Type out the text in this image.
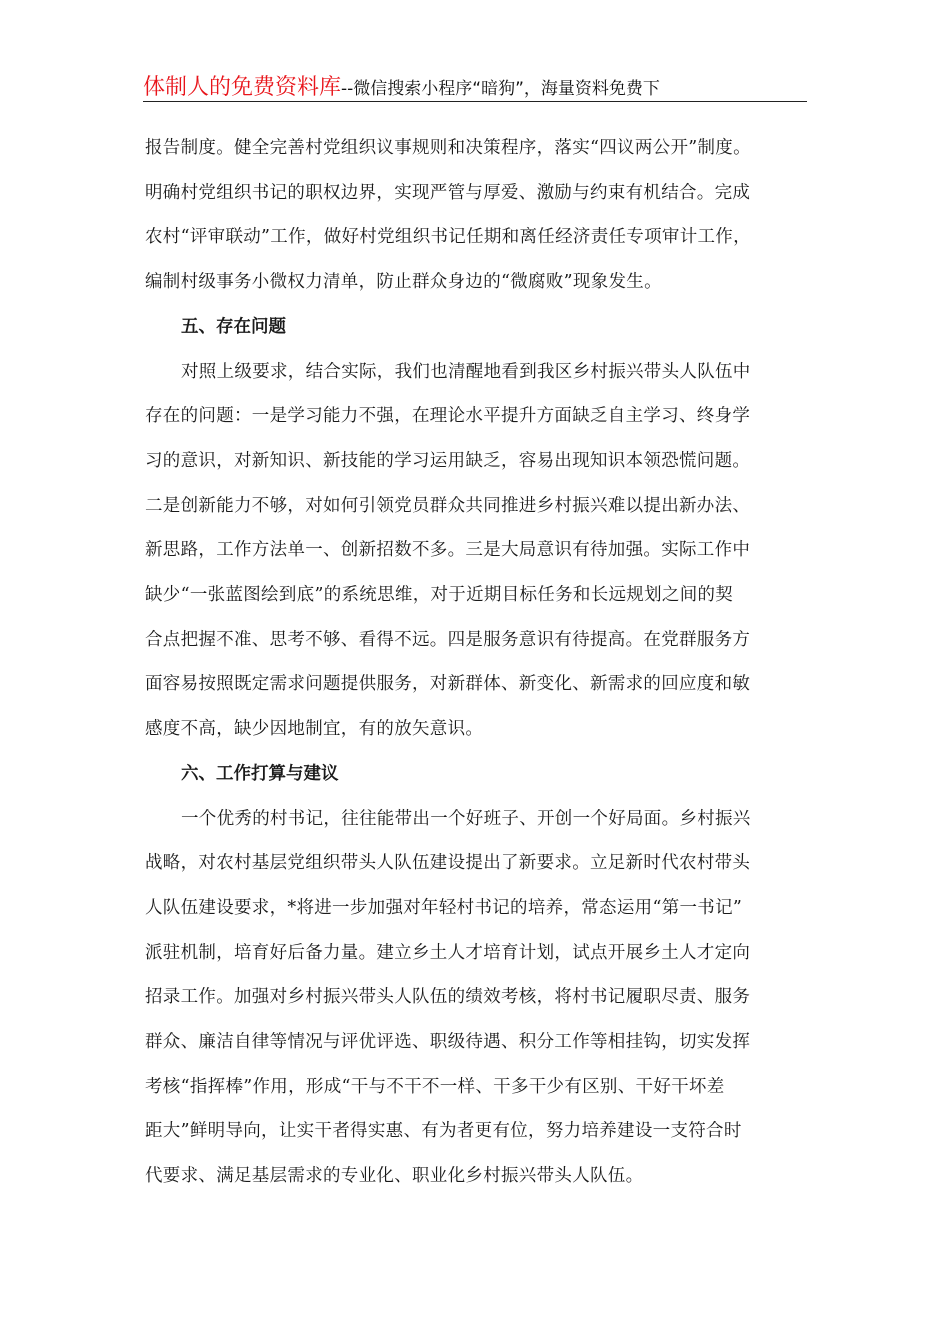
体制人的免费资料库--微信搜索小程序“暗狗”，海量资料免费下
报告制度。健全完善村党组织议事规则和决策程序，落实“四议两公开”制度。
明确村党组织书记的职权边界，实现严管与厚爱、激励与约束有机结合。完成
农村“评审联动”工作，做好村党组织书记任期和离任经济责任专项审计工作，
编制村级事务小微权力清单，防止群众身边的“微腐败”现象发生。
五、存在问题
对照上级要求，结合实际，我们也清醒地看到我区乡村振兴带头人队伍中
存在的问题：一是学习能力不强，在理论水平提升方面缺乏自主学习、终身学
习的意识，对新知识、新技能的学习运用缺乏，容易出现知识本领恐慌问题。
二是创新能力不够，对如何引领党员群众共同推进乡村振兴难以提出新办法、
新思路，工作方法单一、创新招数不多。三是大局意识有待加强。实际工作中
缺少“一张蓝图绘到底”的系统思维，对于近期目标任务和长远规划之间的契
合点把握不准、思考不够、看得不远。四是服务意识有待提高。在党群服务方
面容易按照既定需求问题提供服务，对新群体、新变化、新需求的回应度和敏
感度不高，缺少因地制宜，有的放矢意识。
六、工作打算与建议
一个优秀的村书记，往往能带出一个好班子、开创一个好局面。乡村振兴
战略，对农村基层党组织带头人队伍建设提出了新要求。立足新时代农村带头
人队伍建设要求，*将进一步加强对年轻村书记的培养，常态运用“第一书记”
派驻机制，培育好后备力量。建立乡土人才培育计划，试点开展乡土人才定向
招录工作。加强对乡村振兴带头人队伍的绩效考核，将村书记履职尽责、服务
群众、廉洁自律等情况与评优评选、职级待遇、积分工作等相挂钩，切实发挥
考核“指挥棒”作用，形成“干与不干不一样、干多干少有区别、干好干坏差
距大”鲜明导向，让实干者得实惠、有为者更有位，努力培养建设一支符合时
代要求、满足基层需求的专业化、职业化乡村振兴带头人队伍。
